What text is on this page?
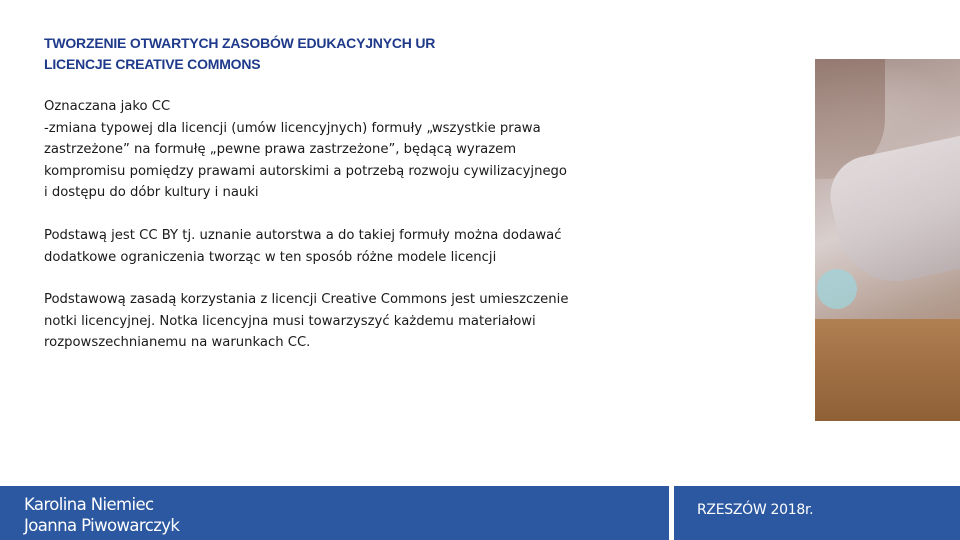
TWORZENIE OTWARTYCH ZASOBÓW EDUKACYJNYCH UR
LICENCJE CREATIVE COMMONS
Oznaczana jako CC
-zmiana typowej dla licencji (umów licencyjnych) formuły „wszystkie prawa
zastrzeżone” na formułę „pewne prawa zastrzeżone”, będącą wyrazem
kompromisu pomiędzy prawami autorskimi a potrzebą rozwoju cywilizacyjnego
i dostępu do dóbr kultury i nauki
Podstawą jest CC BY tj. uznanie autorstwa a do takiej formuły można dodawać
dodatkowe ograniczenia tworząc w ten sposób różne modele licencji
Podstawową zasadą korzystania z licencji Creative Commons jest umieszczenie
notki licencyjnej. Notka licencyjna musi towarzyszyć każdemu materiałowi
rozpowszechnianemu na warunkach CC.
Karolina Niemiec
Joanna Piwowarczyk
RZESZÓW 2018r.
